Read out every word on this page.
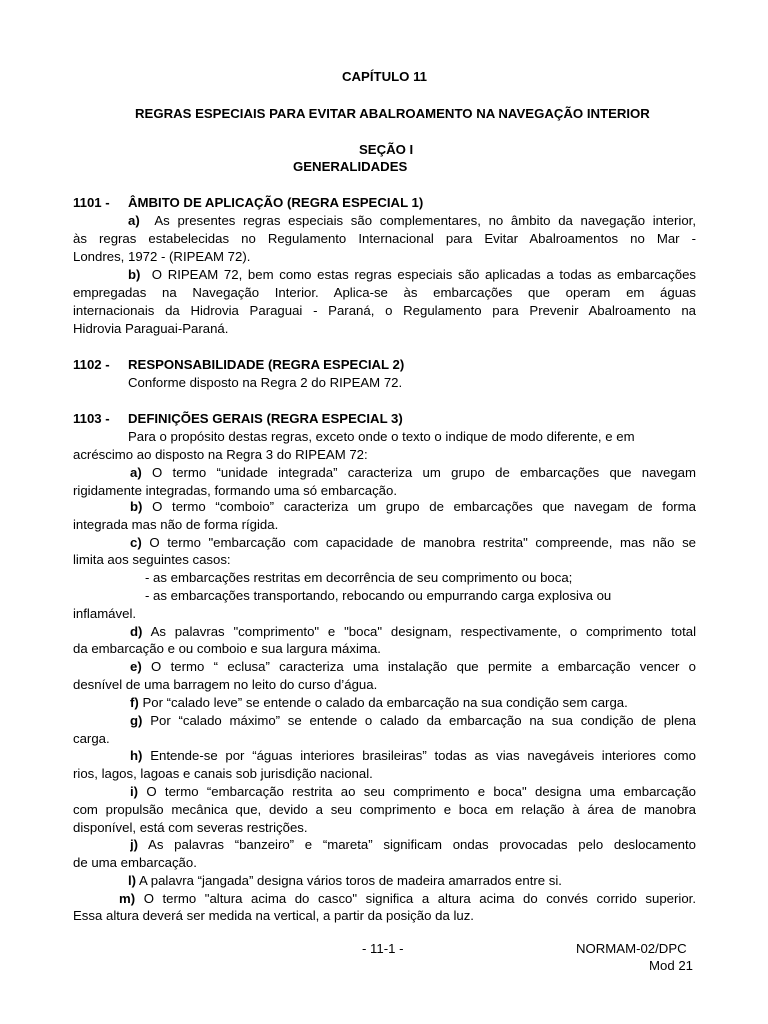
CAPÍTULO 11
REGRAS ESPECIAIS PARA EVITAR ABALROAMENTO NA NAVEGAÇÃO INTERIOR
SEÇÃO I
GENERALIDADES
1101 - ÂMBITO DE APLICAÇÃO (REGRA ESPECIAL 1)
a) As presentes regras especiais são complementares, no âmbito da navegação interior,
às regras estabelecidas no Regulamento Internacional para Evitar Abalroamentos no Mar -
Londres, 1972 - (RIPEAM 72).
b) O RIPEAM 72, bem como estas regras especiais são aplicadas a todas as embarcações
empregadas na Navegação Interior. Aplica-se às embarcações que operam em águas
internacionais da Hidrovia Paraguai - Paraná, o Regulamento para Prevenir Abalroamento na
Hidrovia Paraguai-Paraná.
1102 - RESPONSABILIDADE (REGRA ESPECIAL 2)
Conforme disposto na Regra 2 do RIPEAM 72.
1103 - DEFINIÇÕES GERAIS (REGRA ESPECIAL 3)
Para o propósito destas regras, exceto onde o texto o indique de modo diferente, e em
acréscimo ao disposto na Regra 3 do RIPEAM 72:
a) O termo “unidade integrada” caracteriza um grupo de embarcações que navegam
rigidamente integradas, formando uma só embarcação.
b) O termo “comboio” caracteriza um grupo de embarcações que navegam de forma
integrada mas não de forma rígida.
c) O termo "embarcação com capacidade de manobra restrita" compreende, mas não se
limita aos seguintes casos:
- as embarcações restritas em decorrência de seu comprimento ou boca;
- as embarcações transportando, rebocando ou empurrando carga explosiva ou
inflamável.
d) As palavras "comprimento" e "boca" designam, respectivamente, o comprimento total
da embarcação e ou comboio e sua largura máxima.
e) O termo “ eclusa” caracteriza uma instalação que permite a embarcação vencer o
desnível de uma barragem no leito do curso d’água.
f) Por “calado leve” se entende o calado da embarcação na sua condição sem carga.
g) Por “calado máximo” se entende o calado da embarcação na sua condição de plena
carga.
h) Entende-se por “águas interiores brasileiras” todas as vias navegáveis interiores como
rios, lagos, lagoas e canais sob jurisdição nacional.
i) O termo “embarcação restrita ao seu comprimento e boca" designa uma embarcação
com propulsão mecânica que, devido a seu comprimento e boca em relação à área de manobra
disponível, está com severas restrições.
j) As palavras “banzeiro” e “mareta” significam ondas provocadas pelo deslocamento
de uma embarcação.
l) A palavra “jangada” designa vários toros de madeira amarrados entre si.
m) O termo "altura acima do casco" significa a altura acima do convés corrido superior.
Essa altura deverá ser medida na vertical, a partir da posição da luz.
- 11-1 -	NORMAM-02/DPC
Mod 21
